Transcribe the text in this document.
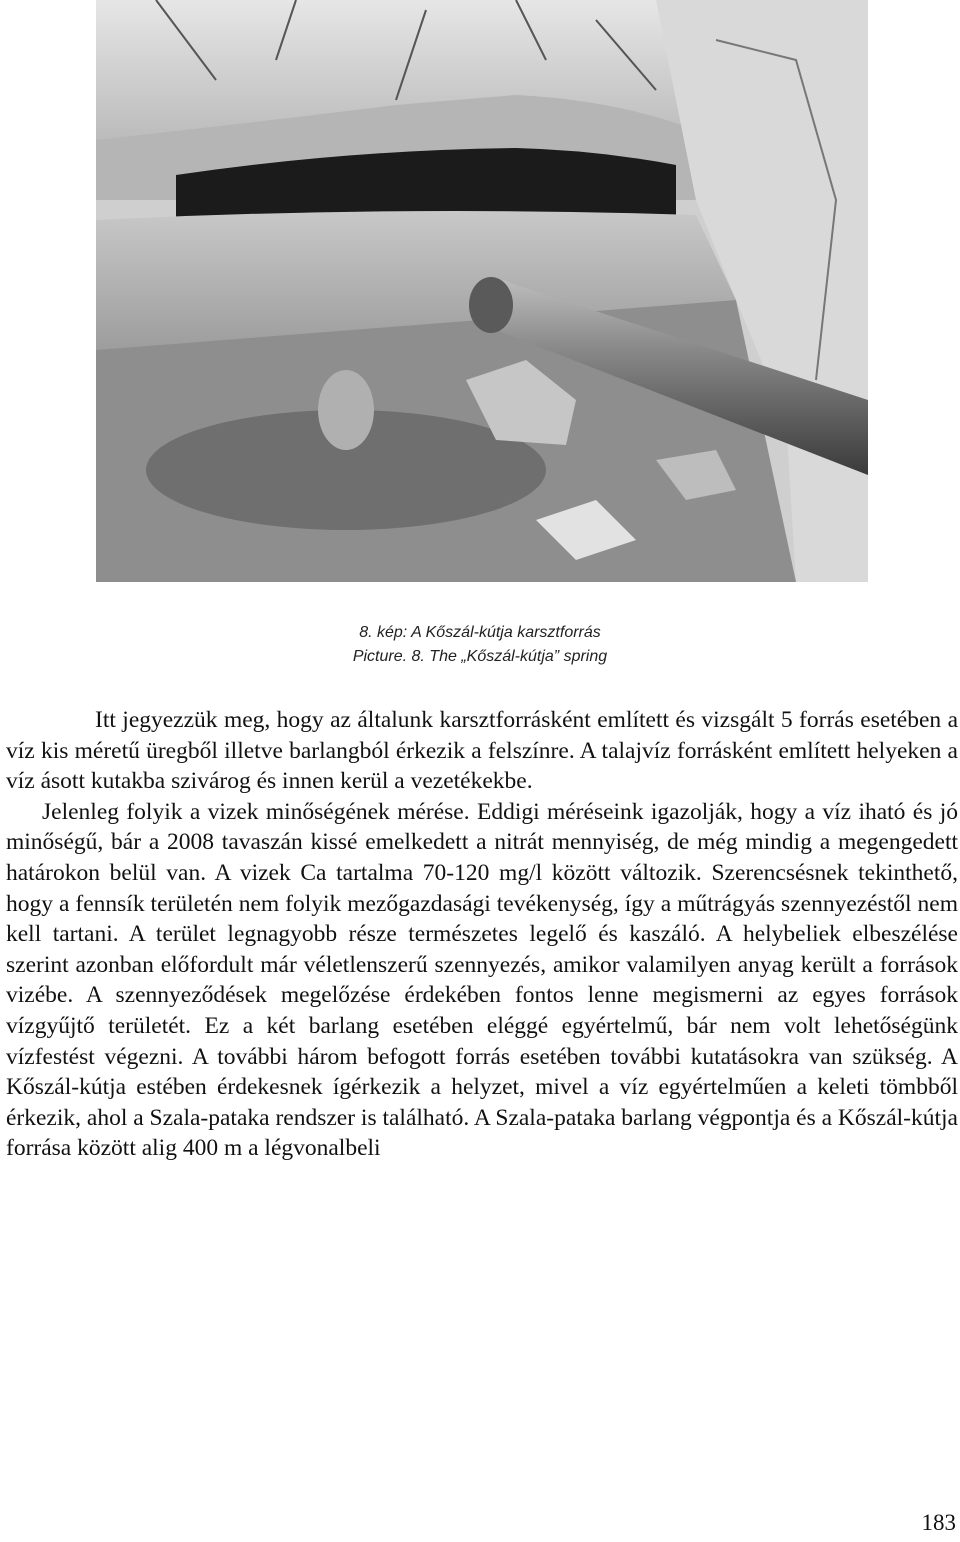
8. kép: A Kőszál-kútja karsztforrás
Picture. 8. The „Kőszál-kútja” spring

Itt jegyezzük meg, hogy az általunk karsztforrásként említett és vizsgált 5 forrás esetében a víz kis méretű üregből illetve barlangból érkezik a felszínre. A talajvíz forrásként említett helyeken a víz ásott kutakba szivárog és innen kerül a vezetékekbe.

Jelenleg folyik a vizek minőségének mérése. Eddigi méréseink igazolják, hogy a víz iható és jó minőségű, bár a 2008 tavaszán kissé emelkedett a nitrát mennyiség, de még mindig a megengedett határokon belül van. A vizek Ca tartalma 70-120 mg/l között változik. Szerencsésnek tekinthető, hogy a fennsík területén nem folyik mezőgazdasági tevékenység, így a műtrágyás szennyezéstől nem kell tartani. A terület legnagyobb része természetes legelő és kaszáló. A helybeliek elbeszélése szerint azonban előfordult már véletlenszerű szennyezés, amikor valamilyen anyag került a források vizébe. A szennyeződések megelőzése érdekében fontos lenne megismerni az egyes források vízgyűjtő területét. Ez a két barlang esetében eléggé egyértelmű, bár nem volt lehetőségünk vízfestést végezni. A további három befogott forrás esetében további kutatásokra van szükség. A Kőszál-kútja estében érdekesnek ígérkezik a helyzet, mivel a víz egyértelműen a keleti tömbből érkezik, ahol a Szala-pataka rendszer is található. A Szala-pataka barlang végpontja és a Kőszál-kútja forrása között alig 400 m a légvonalbeli

183
